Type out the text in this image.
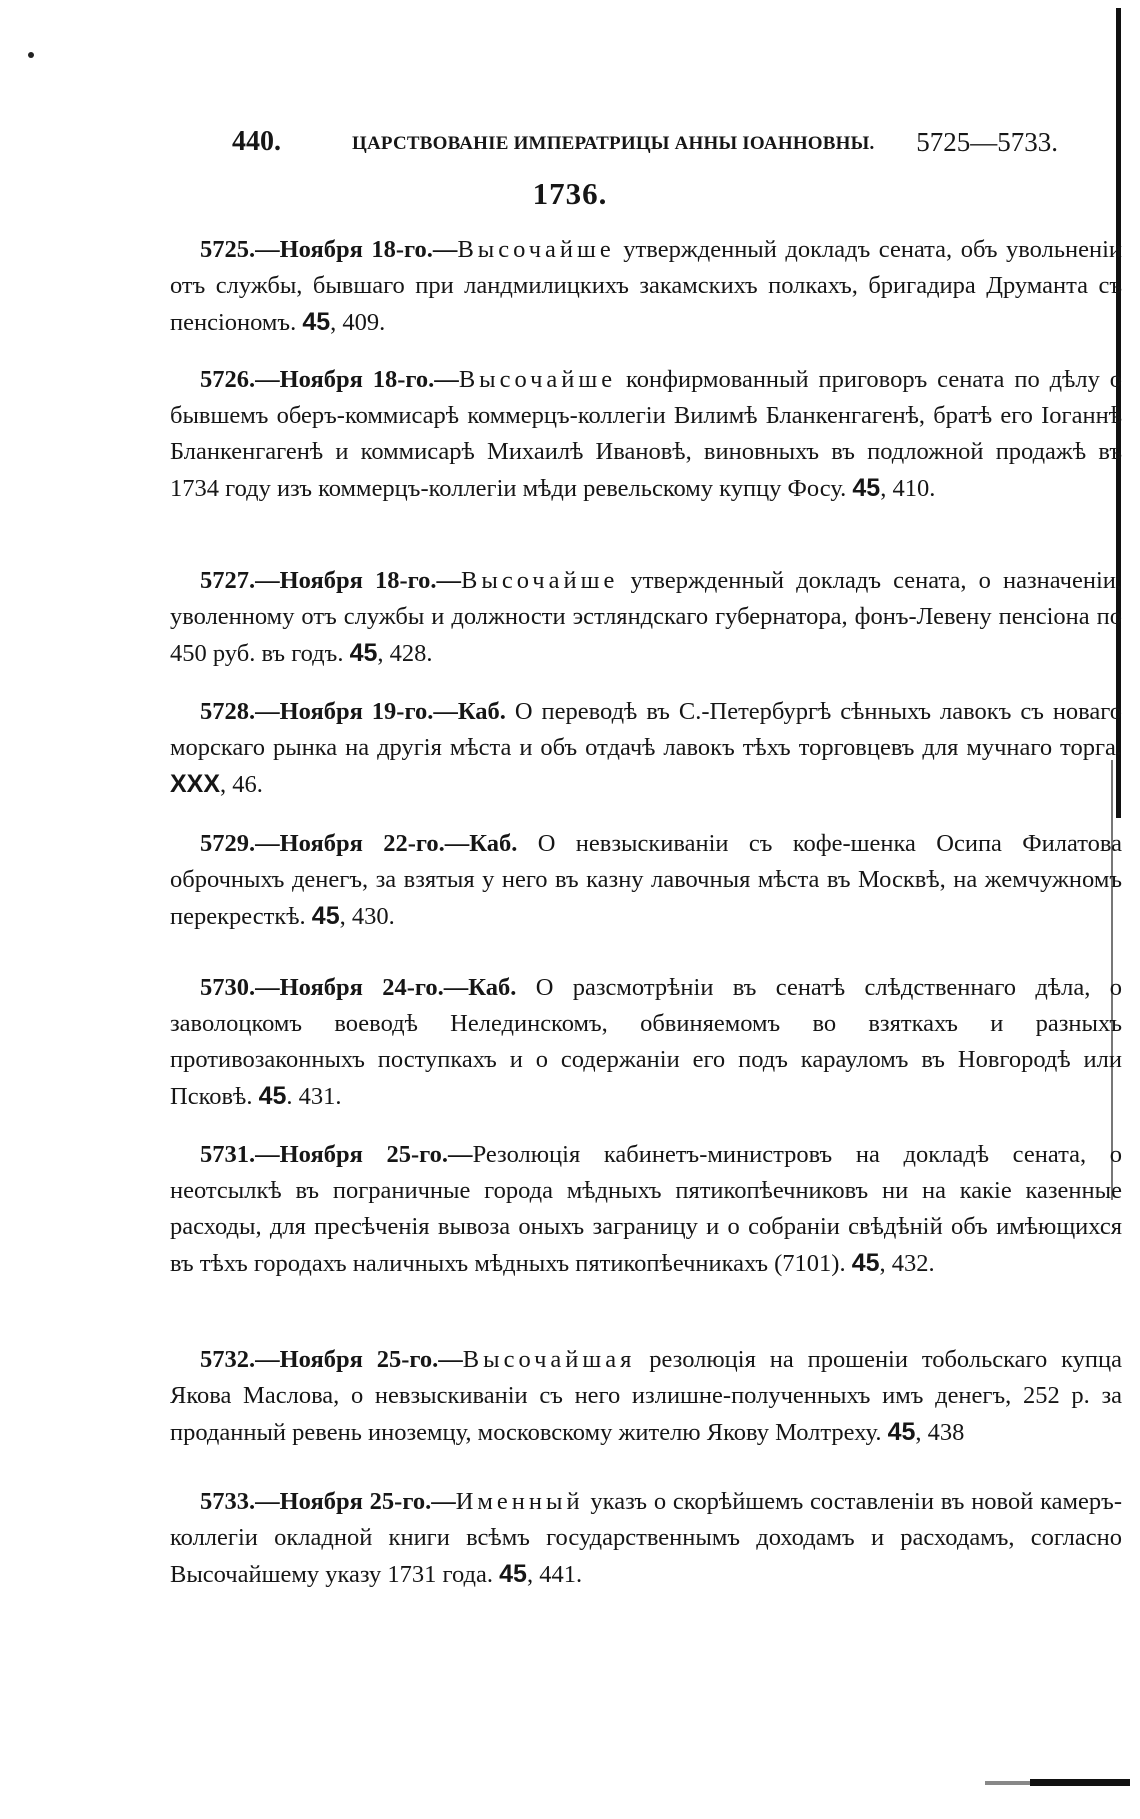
440.	ЦАРСТВОВАНІЕ ИМПЕРАТРИЦЫ АННЫ ІОАННОВНЫ. 5725—5733.
1736.

5725.—Ноября 18-го.—Высочайше утвержденный докладъ сената, объ увольненіи отъ службы, бывшаго при ландмилицкихъ закамскихъ полкахъ, бригадира Друманта съ пенсіономъ. 45, 409.

5726.—Ноября 18-го.—Высочайше конфирмованный приговоръ сената по дѣлу о бывшемъ оберъ-коммисарѣ коммерцъ-коллегіи Вилимѣ Бланкенгагенѣ, братѣ его Іоганнѣ Бланкенгагенѣ и коммисарѣ Михаилѣ Ивановѣ, виновныхъ въ подложной продажѣ въ 1734 году изъ коммерцъ-коллегіи мѣди ревельскому купцу Фосу. 45, 410.

5727.—Ноября 18-го.—Высочайше утвержденный докладъ сената, о назначеніи, уволенному отъ службы и должности эстляндскаго губернатора, фонъ-Левену пенсіона по 450 руб. въ годъ. 45, 428.

5728.—Ноября 19-го.—Каб. О переводѣ въ С.-Петербургѣ сѣнныхъ лавокъ съ новаго морскаго рынка на другія мѣста и объ отдачѣ лавокъ тѣхъ торговцевъ для мучнаго торга. XXX, 46.

5729.—Ноября 22-го.—Каб. О невзыскиваніи съ кофе-шенка Осипа Филатова оброчныхъ денегъ, за взятыя у него въ казну лавочныя мѣста въ Москвѣ, на жемчужномъ перекресткѣ. 45, 430.

5730.—Ноября 24-го.—Каб. О разсмотрѣніи въ сенатѣ слѣдственнаго дѣла, о заволоцкомъ воеводѣ Нелединскомъ, обвиняемомъ во взяткахъ и разныхъ противозаконныхъ поступкахъ и о содержаніи его подъ карауломъ въ Новгородѣ или Псковѣ. 45. 431.

5731.—Ноября 25-го.—Резолюція кабинетъ-министровъ на докладѣ сената, о неотсылкѣ въ пограничные города мѣдныхъ пятикопѣечниковъ ни на какіе казенные расходы, для пресѣченія вывоза оныхъ заграницу и о собраніи свѣдѣній объ имѣющихся въ тѣхъ городахъ наличныхъ мѣдныхъ пятикопѣечникахъ (7101). 45, 432.

5732.—Ноября 25-го.—Высочайшая резолюція на прошеніи тобольскаго купца Якова Маслова, о невзыскиваніи съ него излишне-полученныхъ имъ денегъ, 252 р. за проданный ревень иноземцу, московскому жителю Якову Молтреху. 45, 438

5733.—Ноября 25-го.—Именный указъ о скорѣйшемъ составленіи въ новой камеръ-коллегіи окладной книги всѣмъ государственнымъ доходамъ и расходамъ, согласно Высочайшему указу 1731 года. 45, 441.
